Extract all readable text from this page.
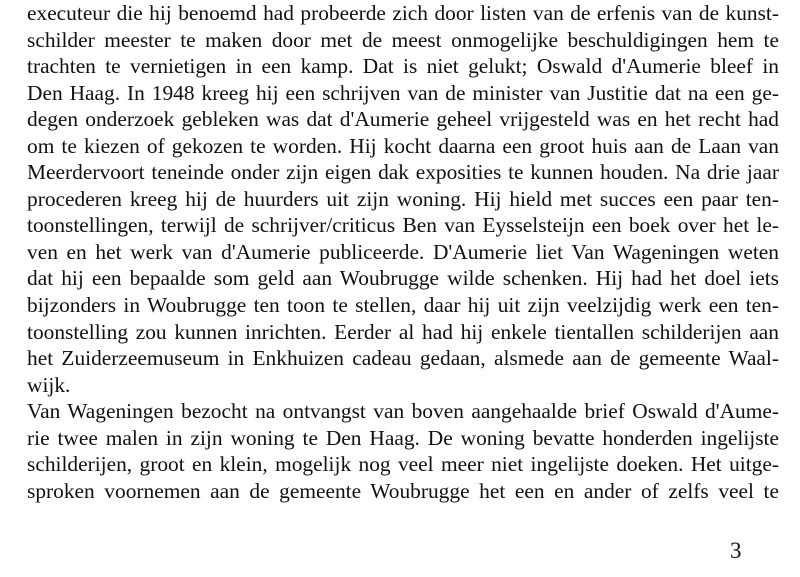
executeur die hij benoemd had probeerde zich door listen van de erfenis van de kunst-
schilder meester te maken door met de meest onmogelijke beschuldigingen hem te
trachten te vernietigen in een kamp. Dat is niet gelukt; Oswald d'Aumerie bleef in
Den Haag. In 1948 kreeg hij een schrijven van de minister van Justitie dat na een ge-
degen onderzoek gebleken was dat d'Aumerie geheel vrijgesteld was en het recht had
om te kiezen of gekozen te worden. Hij kocht daarna een groot huis aan de Laan van
Meerdervoort teneinde onder zijn eigen dak exposities te kunnen houden. Na drie jaar
procederen kreeg hij de huurders uit zijn woning. Hij hield met succes een paar ten-
toonstellingen, terwijl de schrijver/criticus Ben van Eysselsteijn een boek over het le-
ven en het werk van d'Aumerie publiceerde. D'Aumerie liet Van Wageningen weten
dat hij een bepaalde som geld aan Woubrugge wilde schenken. Hij had het doel iets
bijzonders in Woubrugge ten toon te stellen, daar hij uit zijn veelzijdig werk een ten-
toonstelling zou kunnen inrichten. Eerder al had hij enkele tientallen schilderijen aan
het Zuiderzeemuseum in Enkhuizen cadeau gedaan, alsmede aan de gemeente Waal-
wijk.
Van Wageningen bezocht na ontvangst van boven aangehaalde brief Oswald d'Aume-
rie twee malen in zijn woning te Den Haag. De woning bevatte honderden ingelijste
schilderijen, groot en klein, mogelijk nog veel meer niet ingelijste doeken. Het uitge-
sproken voornemen aan de gemeente Woubrugge het een en ander of zelfs veel te
3
